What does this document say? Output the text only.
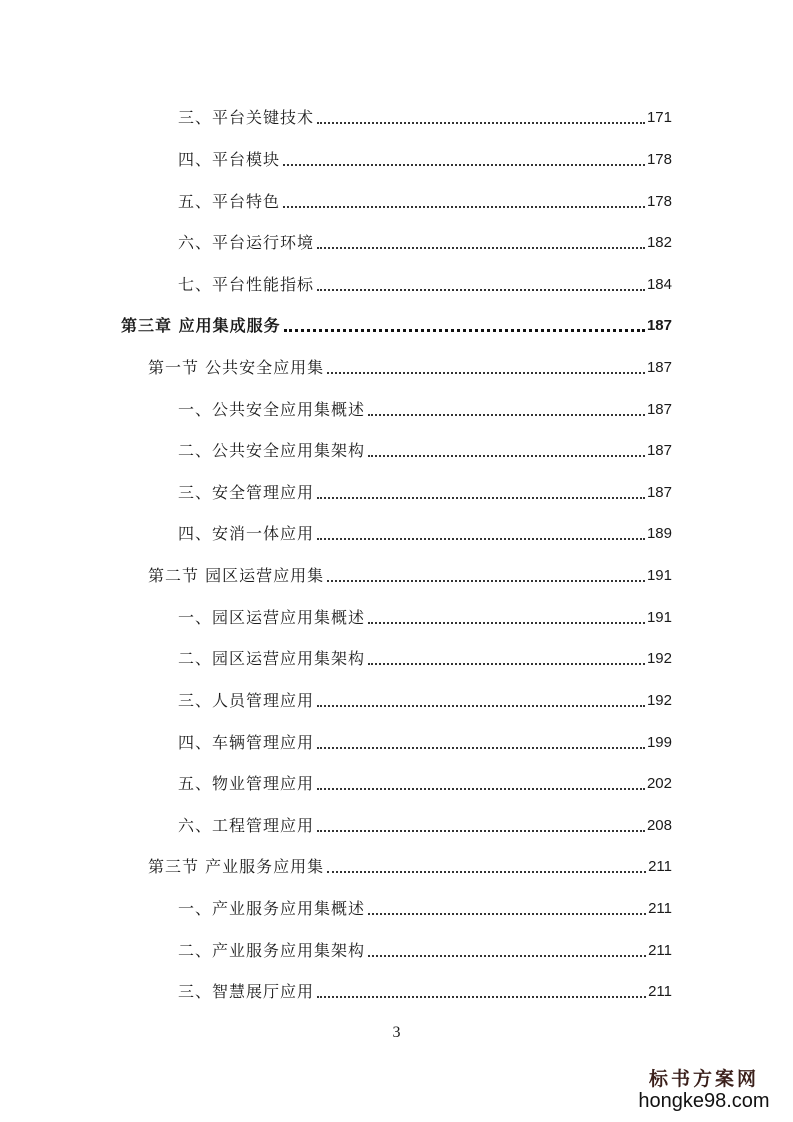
三、平台关键技术	171
四、平台模块	178
五、平台特色	178
六、平台运行环境	182
七、平台性能指标	184
第三章 应用集成服务	187
第一节 公共安全应用集	187
一、公共安全应用集概述	187
二、公共安全应用集架构	187
三、安全管理应用	187
四、安消一体应用	189
第二节 园区运营应用集	191
一、园区运营应用集概述	191
二、园区运营应用集架构	192
三、人员管理应用	192
四、车辆管理应用	199
五、物业管理应用	202
六、工程管理应用	208
第三节 产业服务应用集	211
一、产业服务应用集概述	211
二、产业服务应用集架构	211
三、智慧展厅应用	211
3
标书方案网
hongke98.com
